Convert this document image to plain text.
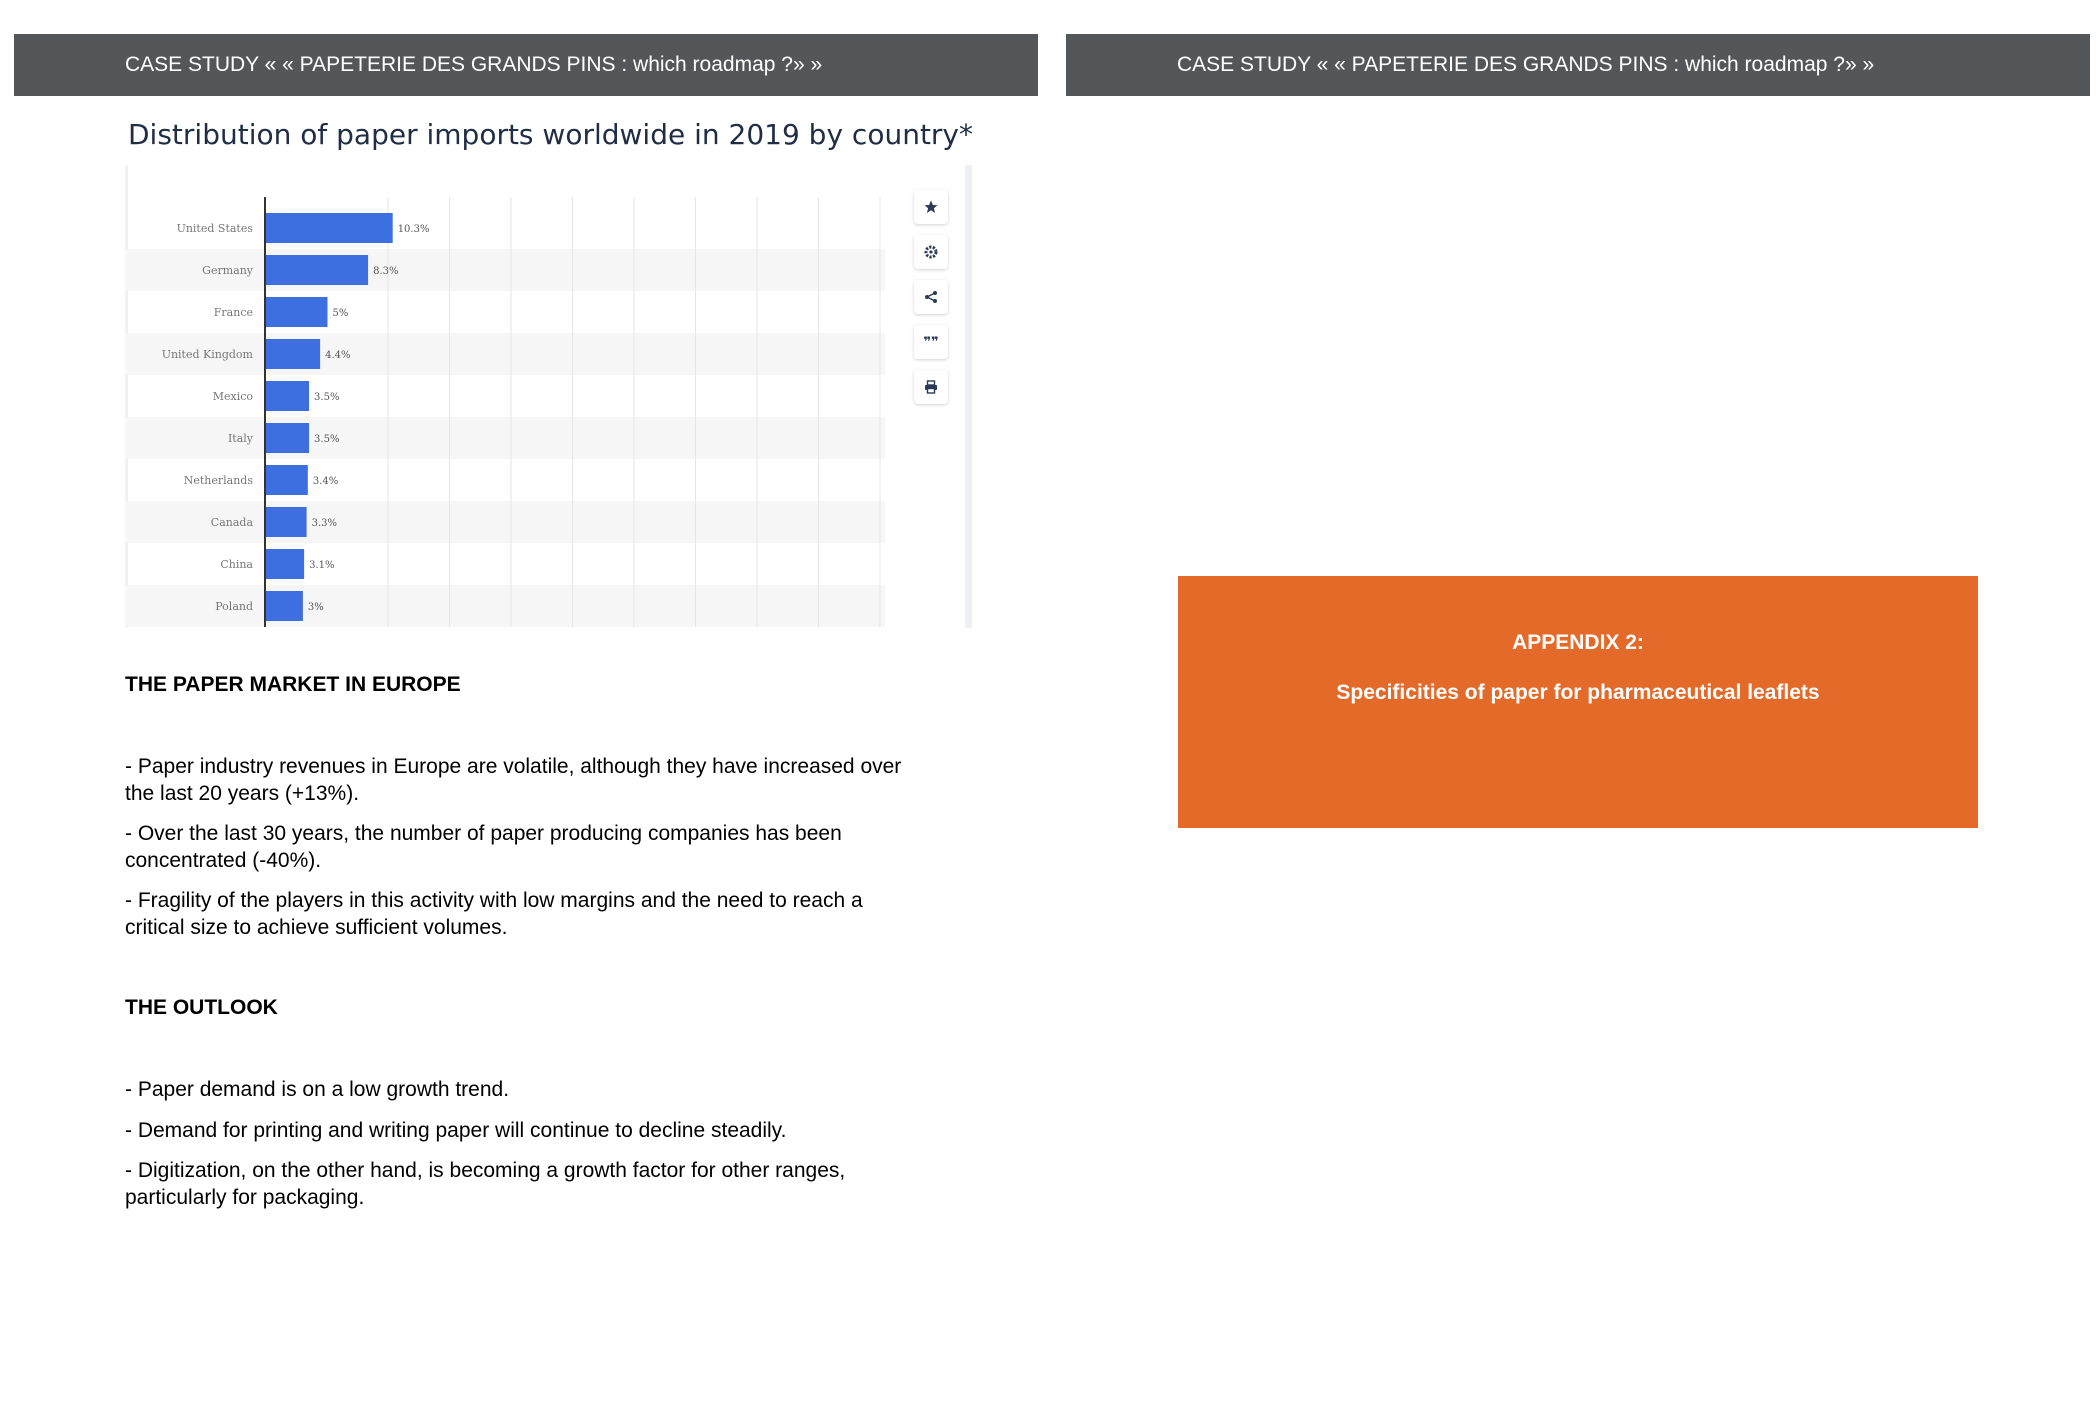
CASE STUDY « « PAPETERIE DES GRANDS PINS : which roadmap ?» »
Distribution of paper imports worldwide in 2019 by country*
United States	10.3%
Germany	8.3%
France	5%
United Kingdom	4.4%
Mexico	3.5%
Italy	3.5%
Netherlands	3.4%
Canada	3.3%
China	3.1%
Poland	3%
❞❞
THE PAPER MARKET IN EUROPE
- Paper industry revenues in Europe are volatile, although they have increased over the last 20 years (+13%).
- Over the last 30 years, the number of paper producing companies has been concentrated (-40%).
- Fragility of the players in this activity with low margins and the need to reach a critical size to achieve sufficient volumes.
THE OUTLOOK
- Paper demand is on a low growth trend.
- Demand for printing and writing paper will continue to decline steadily.
- Digitization, on the other hand, is becoming a growth factor for other ranges, particularly for packaging.
CASE STUDY « « PAPETERIE DES GRANDS PINS : which roadmap ?» »
APPENDIX 2:
Specificities of paper for pharmaceutical leaflets
